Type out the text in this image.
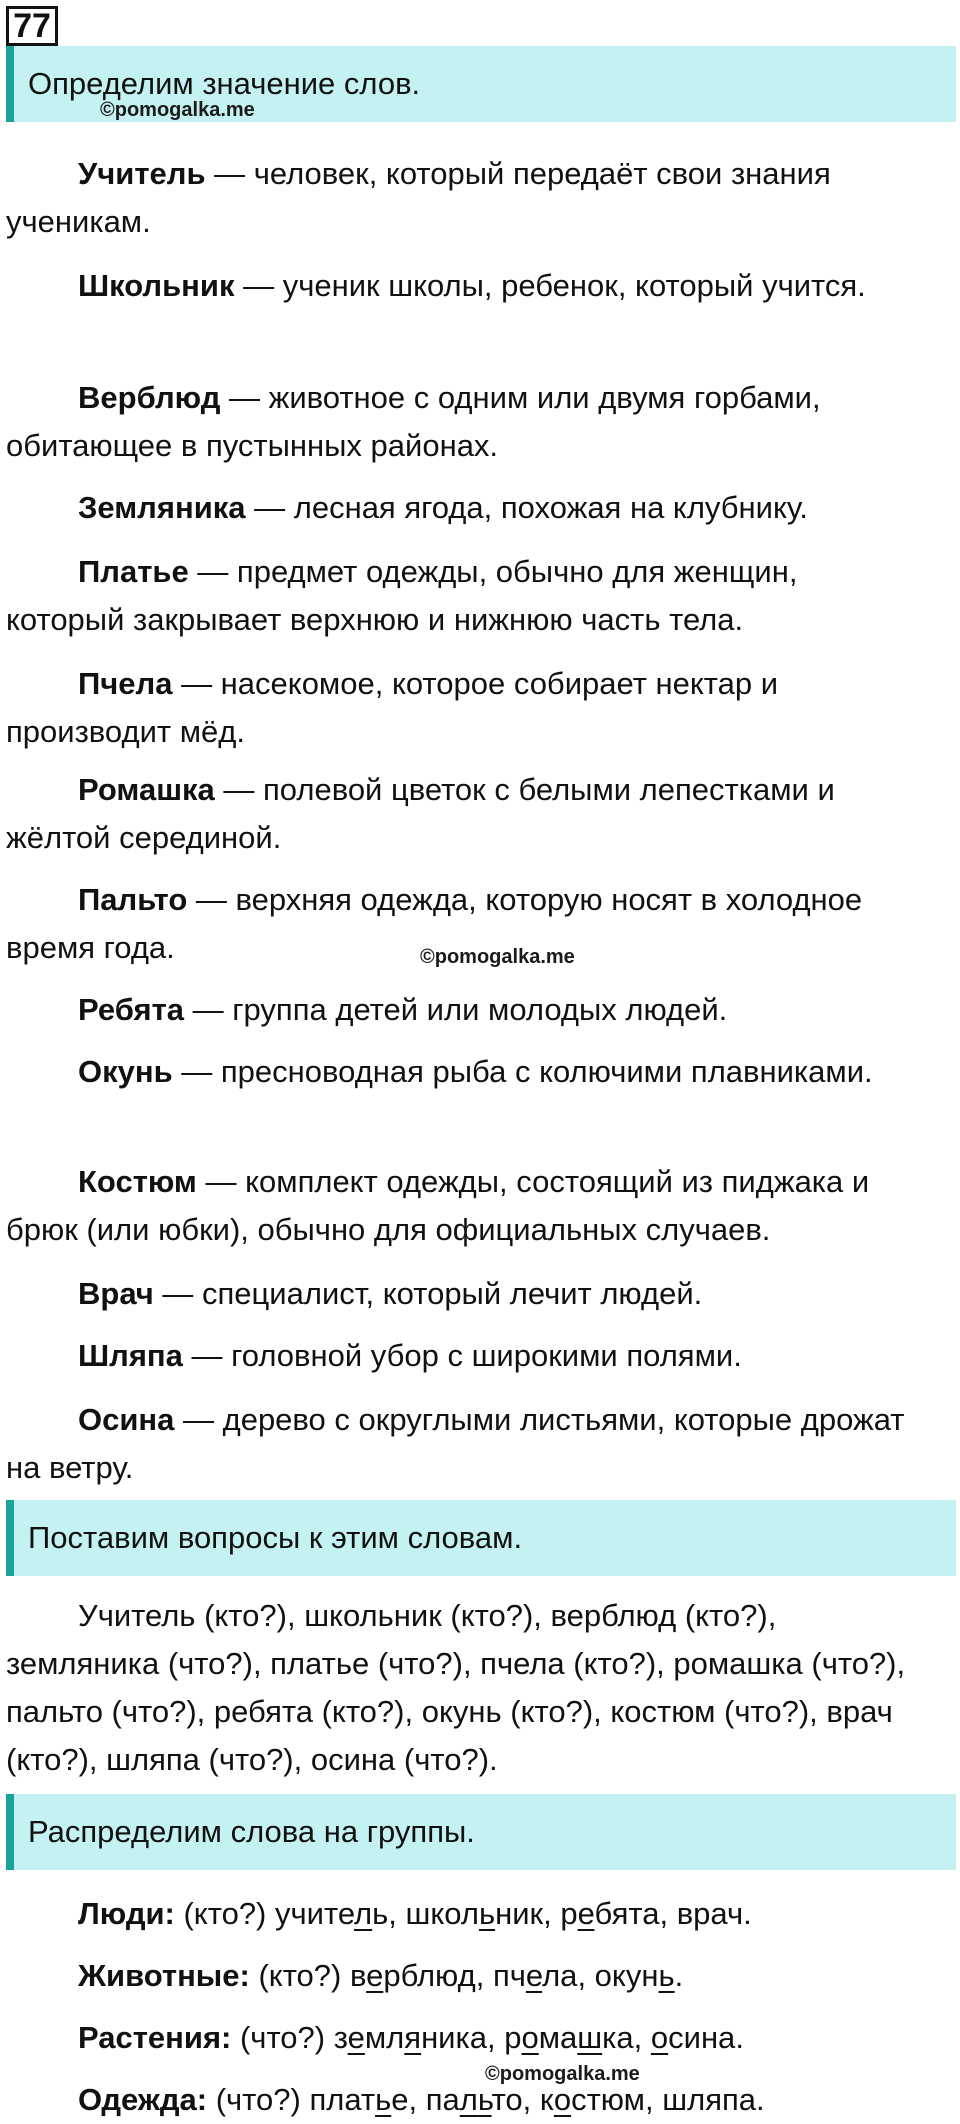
77
Определим значение слов.
©pomogalka.me
Учитель — человек, который передаёт свои знания ученикам.
Школьник — ученик школы, ребенок, который учится.
Верблюд — животное с одним или двумя горбами, обитающее в пустынных районах.
Земляника — лесная ягода, похожая на клубнику.
Платье — предмет одежды, обычно для женщин, который закрывает верхнюю и нижнюю часть тела.
Пчела — насекомое, которое собирает нектар и производит мёд.
Ромашка — полевой цветок с белыми лепестками и жёлтой серединой.
Пальто — верхняя одежда, которую носят в холодное время года.
Ребята — группа детей или молодых людей.
Окунь — пресноводная рыба с колючими плавниками.
Костюм — комплект одежды, состоящий из пиджака и брюк (или юбки), обычно для официальных случаев.
Врач — специалист, который лечит людей.
Шляпа — головной убор с широкими полями.
Осина — дерево с округлыми листьями, которые дрожат на ветру.
©pomogalka.me
Поставим вопросы к этим словам.
Учитель (кто?), школьник (кто?), верблюд (кто?), земляника (что?), платье (что?), пчела (кто?), ромашка (что?), пальто (что?), ребята (кто?), окунь (кто?), костюм (что?), врач (кто?), шляпа (что?), осина (что?).
Распределим слова на группы.
Люди: (кто?) учитель, школьник, ребята, врач.
Животные: (кто?) верблюд, пчела, окунь.
Растения: (что?) земляника, ромашка, осина.
Одежда: (что?) платье, пальто, костюм, шляпа.
©pomogalka.me
